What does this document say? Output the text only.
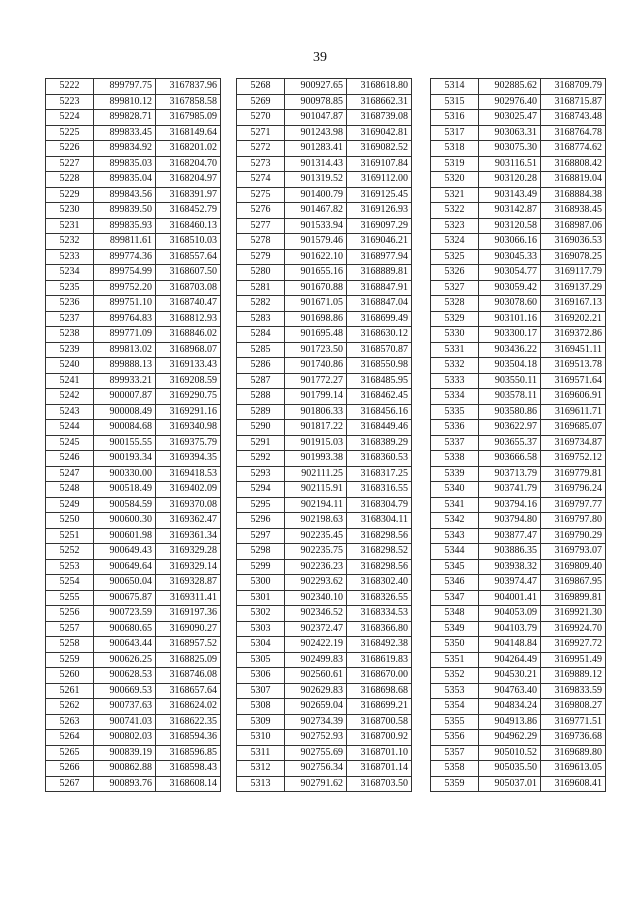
39
5222	899797.75	3167837.96
5223	899810.12	3167858.58
5224	899828.71	3167985.09
5225	899833.45	3168149.64
5226	899834.92	3168201.02
5227	899835.03	3168204.70
5228	899835.04	3168204.97
5229	899843.56	3168391.97
5230	899839.50	3168452.79
5231	899835.93	3168460.13
5232	899811.61	3168510.03
5233	899774.36	3168557.64
5234	899754.99	3168607.50
5235	899752.20	3168703.08
5236	899751.10	3168740.47
5237	899764.83	3168812.93
5238	899771.09	3168846.02
5239	899813.02	3168968.07
5240	899888.13	3169133.43
5241	899933.21	3169208.59
5242	900007.87	3169290.75
5243	900008.49	3169291.16
5244	900084.68	3169340.98
5245	900155.55	3169375.79
5246	900193.34	3169394.35
5247	900330.00	3169418.53
5248	900518.49	3169402.09
5249	900584.59	3169370.08
5250	900600.30	3169362.47
5251	900601.98	3169361.34
5252	900649.43	3169329.28
5253	900649.64	3169329.14
5254	900650.04	3169328.87
5255	900675.87	3169311.41
5256	900723.59	3169197.36
5257	900680.65	3169090.27
5258	900643.44	3168957.52
5259	900626.25	3168825.09
5260	900628.53	3168746.08
5261	900669.53	3168657.64
5262	900737.63	3168624.02
5263	900741.03	3168622.35
5264	900802.03	3168594.36
5265	900839.19	3168596.85
5266	900862.88	3168598.43
5267	900893.76	3168608.14
5268	900927.65	3168618.80
5269	900978.85	3168662.31
5270	901047.87	3168739.08
5271	901243.98	3169042.81
5272	901283.41	3169082.52
5273	901314.43	3169107.84
5274	901319.52	3169112.00
5275	901400.79	3169125.45
5276	901467.82	3169126.93
5277	901533.94	3169097.29
5278	901579.46	3169046.21
5279	901622.10	3168977.94
5280	901655.16	3168889.81
5281	901670.88	3168847.91
5282	901671.05	3168847.04
5283	901698.86	3168699.49
5284	901695.48	3168630.12
5285	901723.50	3168570.87
5286	901740.86	3168550.98
5287	901772.27	3168485.95
5288	901799.14	3168462.45
5289	901806.33	3168456.16
5290	901817.22	3168449.46
5291	901915.03	3168389.29
5292	901993.38	3168360.53
5293	902111.25	3168317.25
5294	902115.91	3168316.55
5295	902194.11	3168304.79
5296	902198.63	3168304.11
5297	902235.45	3168298.56
5298	902235.75	3168298.52
5299	902236.23	3168298.56
5300	902293.62	3168302.40
5301	902340.10	3168326.55
5302	902346.52	3168334.53
5303	902372.47	3168366.80
5304	902422.19	3168492.38
5305	902499.83	3168619.83
5306	902560.61	3168670.00
5307	902629.83	3168698.68
5308	902659.04	3168699.21
5309	902734.39	3168700.58
5310	902752.93	3168700.92
5311	902755.69	3168701.10
5312	902756.34	3168701.14
5313	902791.62	3168703.50
5314	902885.62	3168709.79
5315	902976.40	3168715.87
5316	903025.47	3168743.48
5317	903063.31	3168764.78
5318	903075.30	3168774.62
5319	903116.51	3168808.42
5320	903120.28	3168819.04
5321	903143.49	3168884.38
5322	903142.87	3168938.45
5323	903120.58	3168987.06
5324	903066.16	3169036.53
5325	903045.33	3169078.25
5326	903054.77	3169117.79
5327	903059.42	3169137.29
5328	903078.60	3169167.13
5329	903101.16	3169202.21
5330	903300.17	3169372.86
5331	903436.22	3169451.11
5332	903504.18	3169513.78
5333	903550.11	3169571.64
5334	903578.11	3169606.91
5335	903580.86	3169611.71
5336	903622.97	3169685.07
5337	903655.37	3169734.87
5338	903666.58	3169752.12
5339	903713.79	3169779.81
5340	903741.79	3169796.24
5341	903794.16	3169797.77
5342	903794.80	3169797.80
5343	903877.47	3169790.29
5344	903886.35	3169793.07
5345	903938.32	3169809.40
5346	903974.47	3169867.95
5347	904001.41	3169899.81
5348	904053.09	3169921.30
5349	904103.79	3169924.70
5350	904148.84	3169927.72
5351	904264.49	3169951.49
5352	904530.21	3169889.12
5353	904763.40	3169833.59
5354	904834.24	3169808.27
5355	904913.86	3169771.51
5356	904962.29	3169736.68
5357	905010.52	3169689.80
5358	905035.50	3169613.05
5359	905037.01	3169608.41
